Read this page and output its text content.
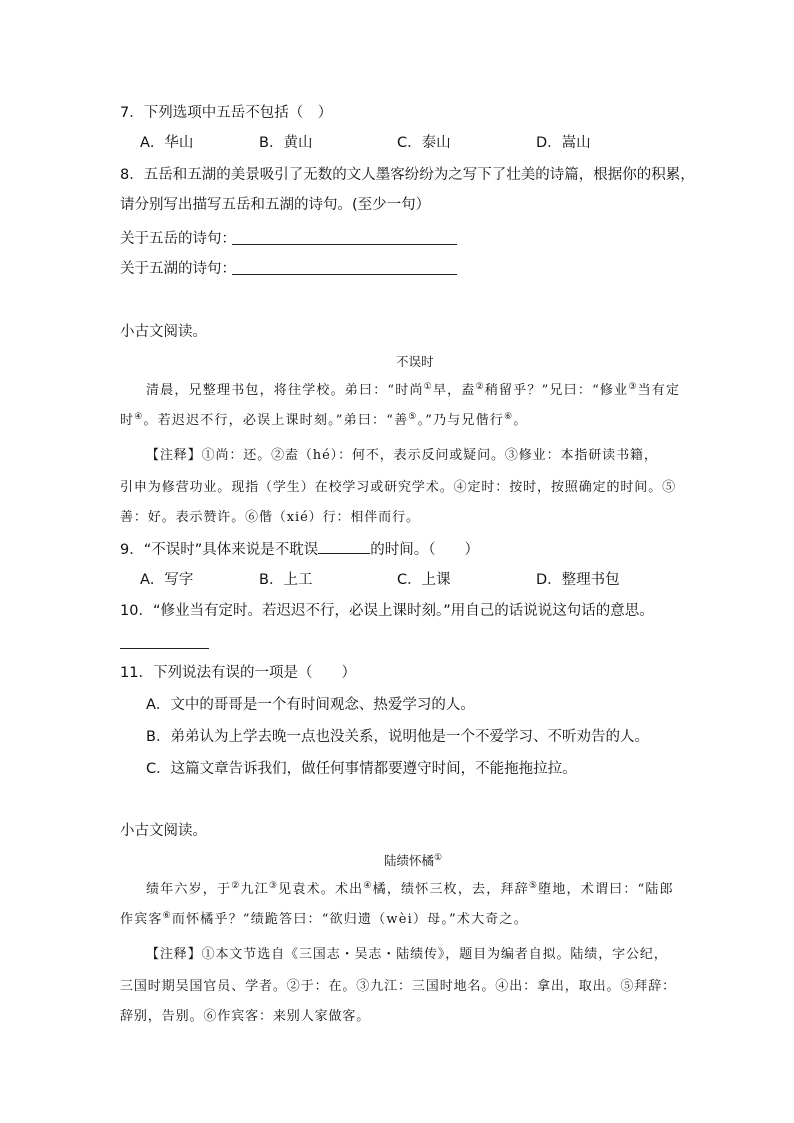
7．下列选项中五岳不包括（　）
A．华山	B．黄山	C．泰山	D．嵩山
8．五岳和五湖的美景吸引了无数的文人墨客纷纷为之写下了壮美的诗篇，根据你的积累，
请分别写出描写五岳和五湖的诗句。(至少一句）
关于五岳的诗句：
关于五湖的诗句：
小古文阅读。
不误时
清晨，兄整理书包，将往学校。弟曰：“时尚①早，盍②稍留乎？”兄曰：“修业③当有定
时④。若迟迟不行，必误上课时刻。”弟曰：“善⑤。”乃与兄偕行⑥。
【注释】①尚：还。②盍（hé）：何不，表示反问或疑问。③修业：本指研读书籍，
引申为修营功业。现指（学生）在校学习或研究学术。④定时：按时，按照确定的时间。⑤
善：好。表示赞许。⑥偕（xié）行：相伴而行。
9．“不误时”具体来说是不耽误	的时间。（　　）
A．写字	B．上工	C．上课	D．整理书包
10．“修业当有定时。若迟迟不行，必误上课时刻。”用自己的话说说这句话的意思。
11．下列说法有误的一项是（　　）
A．文中的哥哥是一个有时间观念、热爱学习的人。
B．弟弟认为上学去晚一点也没关系，说明他是一个不爱学习、不听劝告的人。
C．这篇文章告诉我们，做任何事情都要遵守时间，不能拖拖拉拉。
小古文阅读。
陆绩怀橘①
绩年六岁，于②九江③见袁术。术出④橘，绩怀三枚，去，拜辞⑤堕地，术谓曰：“陆郎
作宾客⑥而怀橘乎？”绩跪答曰：“欲归遗（wèi）母。”术大奇之。
【注释】①本文节选自《三国志・吴志・陆绩传》，题目为编者自拟。陆绩，字公纪，
三国时期吴国官员、学者。②于：在。③九江：三国时地名。④出：拿出，取出。⑤拜辞：
辞别，告别。⑥作宾客：来别人家做客。
